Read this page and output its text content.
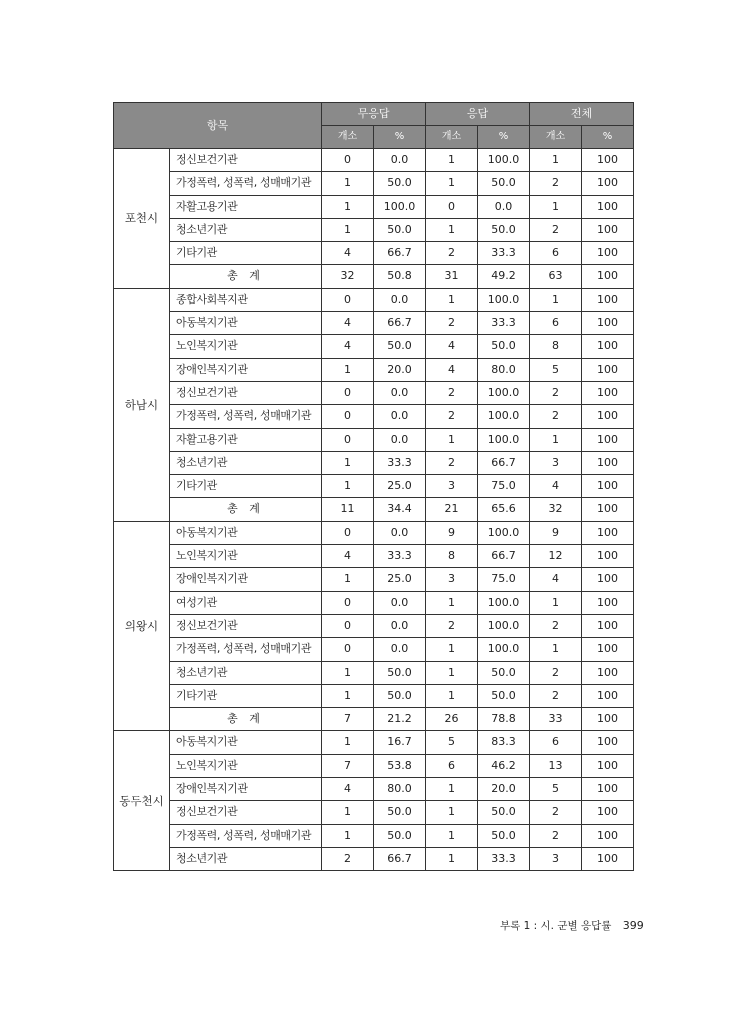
항목		무응답		응답		전체	
		개소	%	개소	%	개소	%
포천시	정신보건기관	0	0.0	1	100.0	1	100
	가정폭력, 성폭력, 성매매기관	1	50.0	1	50.0	2	100
	자활고용기관	1	100.0	0	0.0	1	100
	청소년기관	1	50.0	1	50.0	2	100
	기타기관	4	66.7	2	33.3	6	100
	총 계	32	50.8	31	49.2	63	100
하남시	종합사회복지관	0	0.0	1	100.0	1	100
	아동복지기관	4	66.7	2	33.3	6	100
	노인복지기관	4	50.0	4	50.0	8	100
	장애인복지기관	1	20.0	4	80.0	5	100
	정신보건기관	0	0.0	2	100.0	2	100
	가정폭력, 성폭력, 성매매기관	0	0.0	2	100.0	2	100
	자활고용기관	0	0.0	1	100.0	1	100
	청소년기관	1	33.3	2	66.7	3	100
	기타기관	1	25.0	3	75.0	4	100
	총 계	11	34.4	21	65.6	32	100
의왕시	아동복지기관	0	0.0	9	100.0	9	100
	노인복지기관	4	33.3	8	66.7	12	100
	장애인복지기관	1	25.0	3	75.0	4	100
	여성기관	0	0.0	1	100.0	1	100
	정신보건기관	0	0.0	2	100.0	2	100
	가정폭력, 성폭력, 성매매기관	0	0.0	1	100.0	1	100
	청소년기관	1	50.0	1	50.0	2	100
	기타기관	1	50.0	1	50.0	2	100
	총 계	7	21.2	26	78.8	33	100
동두천시	아동복지기관	1	16.7	5	83.3	6	100
	노인복지기관	7	53.8	6	46.2	13	100
	장애인복지기관	4	80.0	1	20.0	5	100
	정신보건기관	1	50.0	1	50.0	2	100
	가정폭력, 성폭력, 성매매기관	1	50.0	1	50.0	2	100
	청소년기관	2	66.7	1	33.3	3	100
부록 1 : 시. 군별 응답률 399
